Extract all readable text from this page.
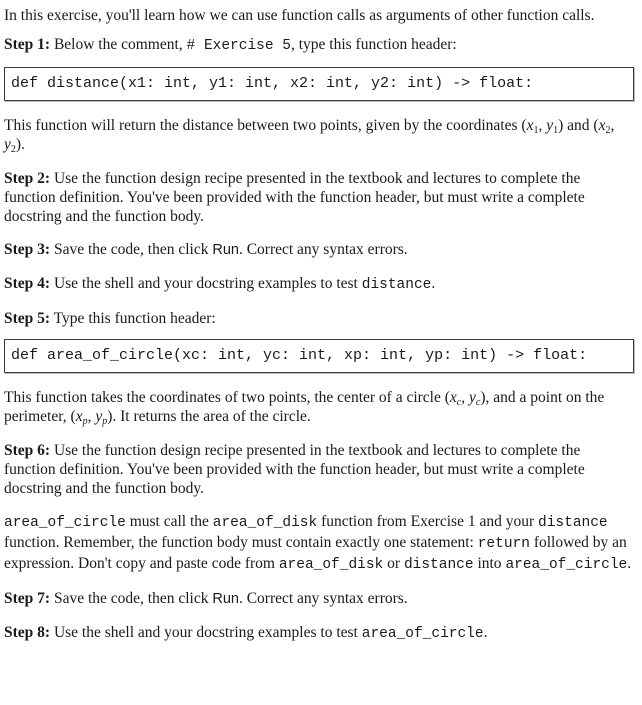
In this exercise, you'll learn how we can use function calls as arguments of other function calls.

Step 1: Below the comment, # Exercise 5, type this function header:

def distance(x1: int, y1: int, x2: int, y2: int) -> float:

This function will return the distance between two points, given by the coordinates ($x_1$, $y_1$) and ($x_2$, $y_2$).

Step 2: Use the function design recipe presented in the textbook and lectures to complete the function definition. You've been provided with the function header, but must write a complete docstring and the function body.

Step 3: Save the code, then click Run. Correct any syntax errors.

Step 4: Use the shell and your docstring examples to test distance.

Step 5: Type this function header:

def area_of_circle(xc: int, yc: int, xp: int, yp: int) -> float:

This function takes the coordinates of two points, the center of a circle ($x_c$, $y_c$), and a point on the perimeter, ($x_p$, $y_p$). It returns the area of the circle.

Step 6: Use the function design recipe presented in the textbook and lectures to complete the function definition. You've been provided with the function header, but must write a complete docstring and the function body.

area_of_circle must call the area_of_disk function from Exercise 1 and your distance function. Remember, the function body must contain exactly one statement: return followed by an expression. Don't copy and paste code from area_of_disk or distance into area_of_circle.

Step 7: Save the code, then click Run. Correct any syntax errors.

Step 8: Use the shell and your docstring examples to test area_of_circle.
